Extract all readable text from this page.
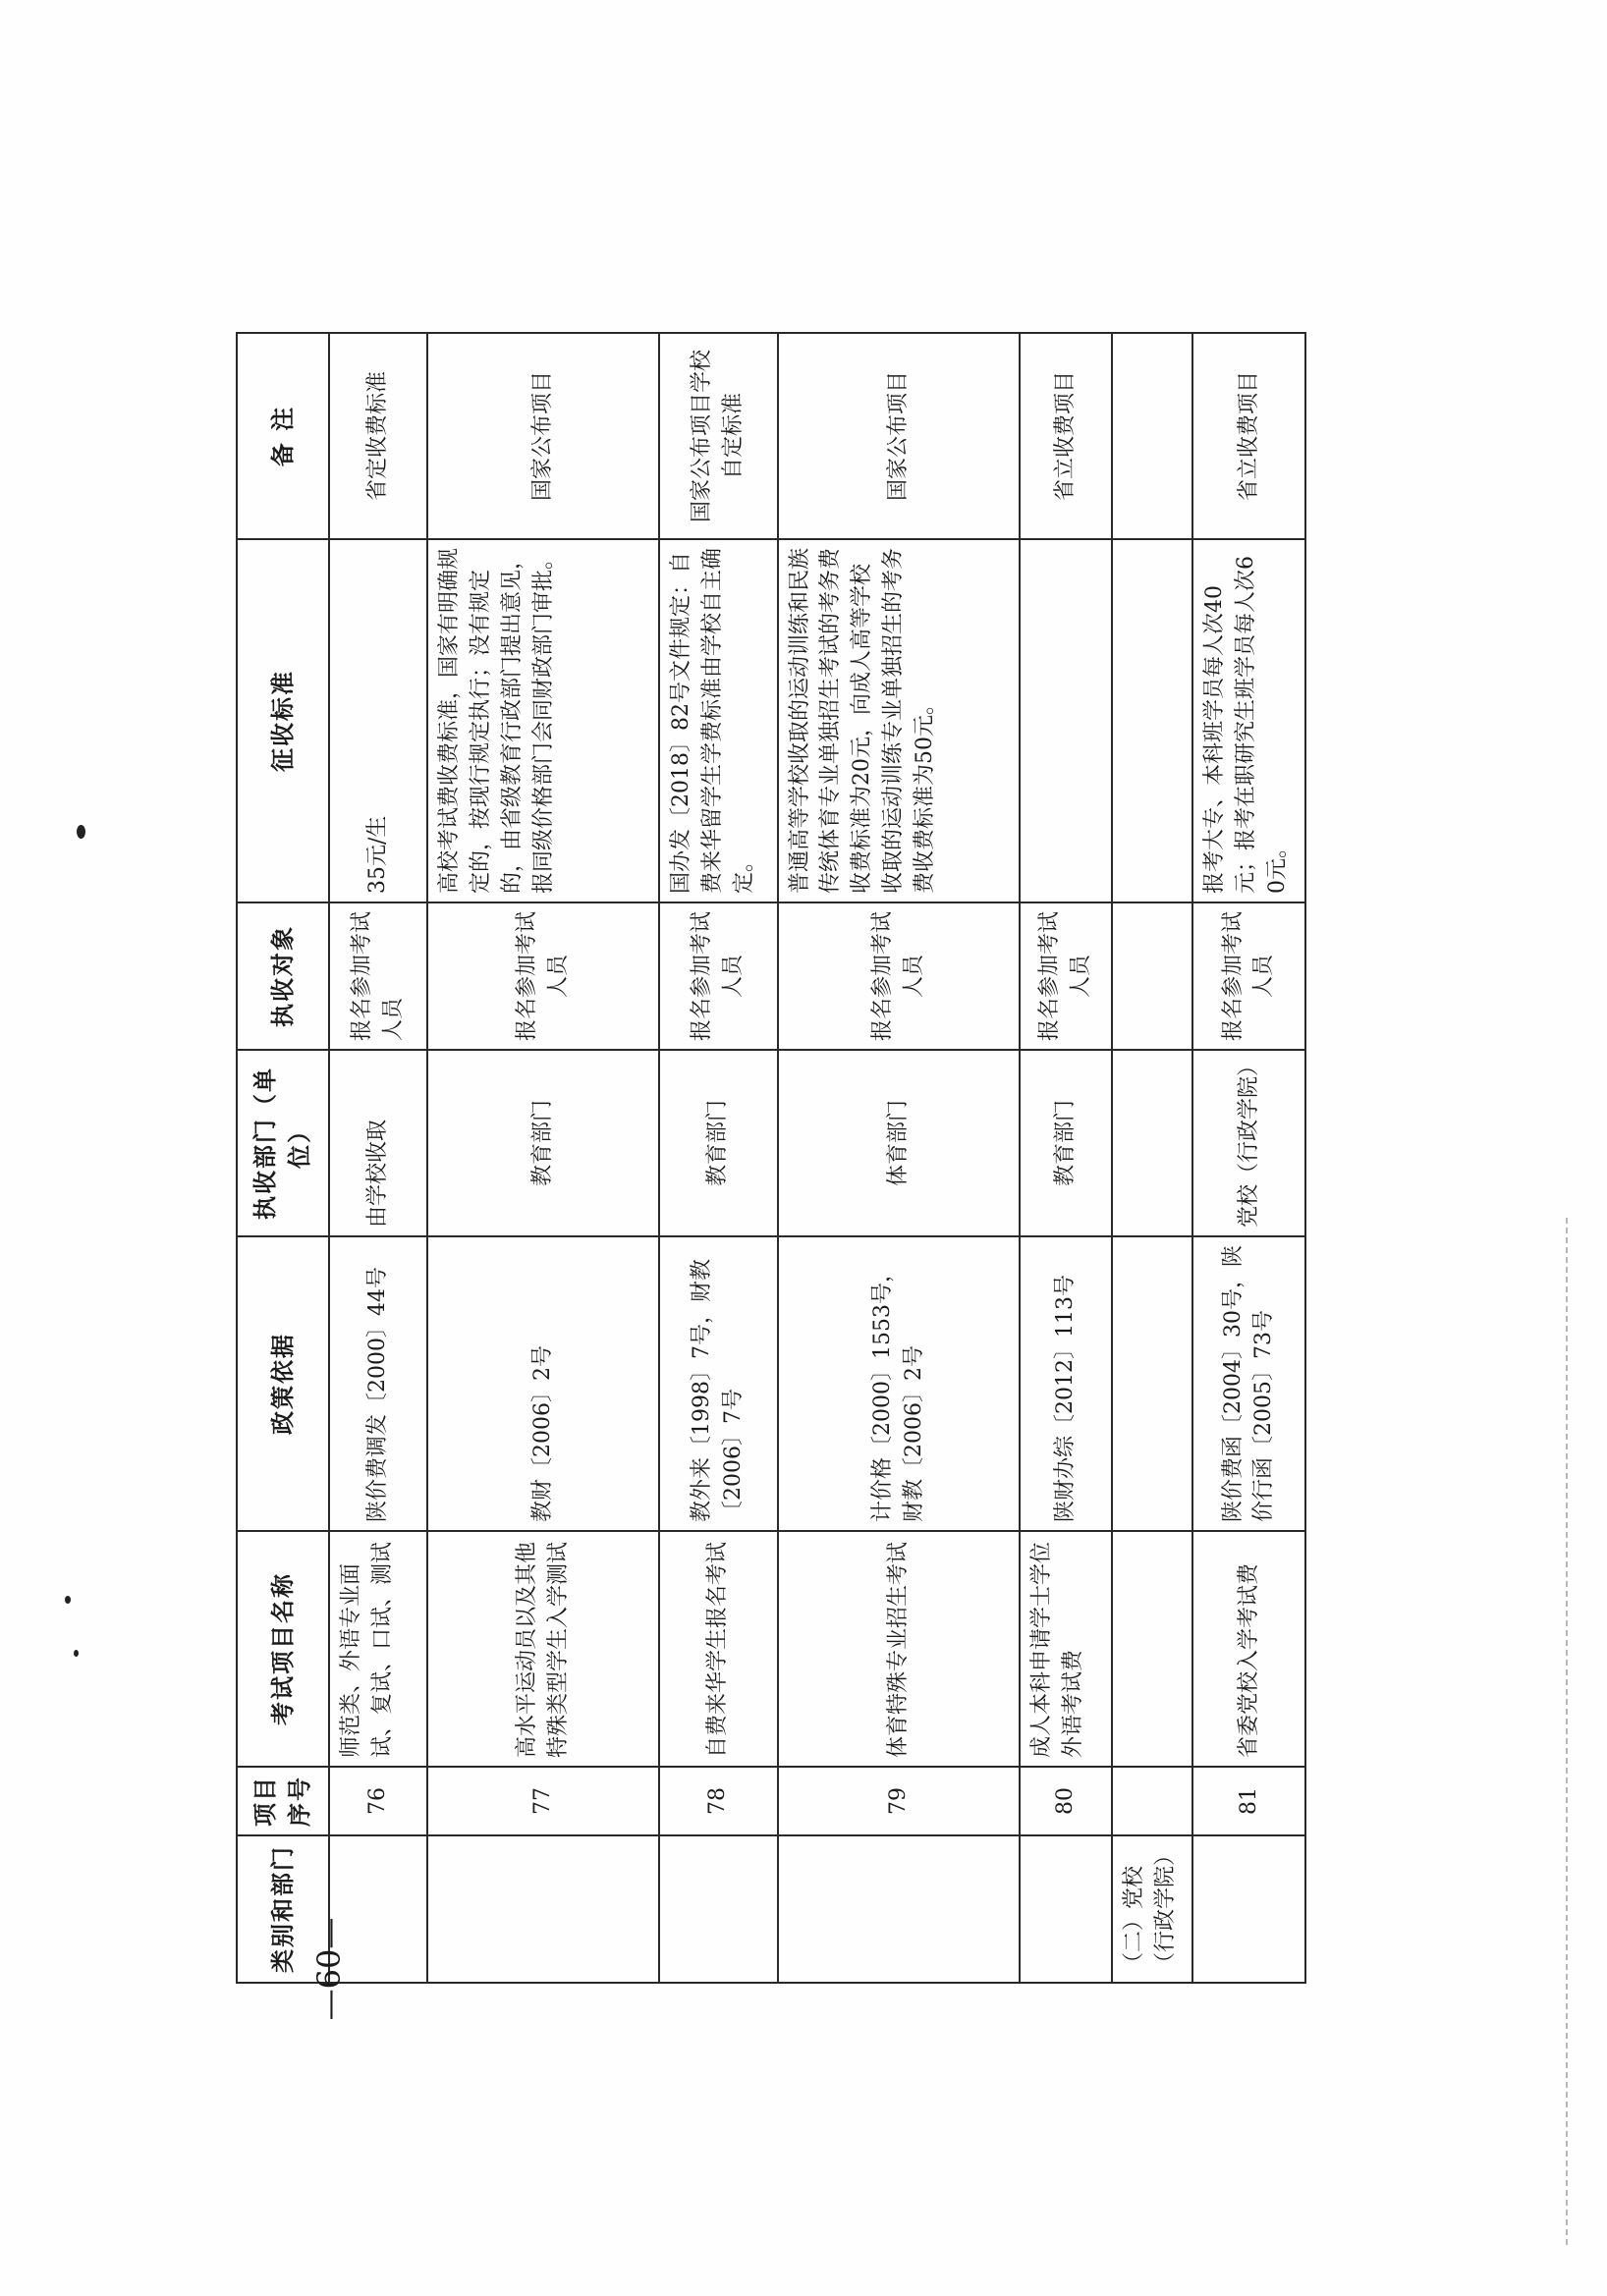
类别和部门	项目序号	考试项目名称	政策依据	执收部门（单位）	执收对象	征收标准	备 注
	76	师范类、外语专业面试、复试、口试、测试	陕价费调发〔2000〕44号	由学校收取	报名参加考试人员	35元/生	省定收费标准
	77	高水平运动员以及其他特殊类型学生入学测试	教财〔2006〕2号	教育部门	报名参加考试人员	高校考试费收费标准，国家有明确规定的，按现行规定执行；没有规定的，由省级教育行政部门提出意见，报同级价格部门会同财政部门审批。	国家公布项目
	78	自费来华学生报名考试	教外来〔1998〕7号，财教〔2006〕7号	教育部门	报名参加考试人员	国办发〔2018〕82号文件规定：自费来华留学生学费标准由学校自主确定。	国家公布项目学校自定标准
	79	体育特殊专业招生考试	计价格〔2000〕1553号，财教〔2006〕2号	体育部门	报名参加考试人员	普通高等学校收取的运动训练和民族传统体育专业单独招生考试的考务费收费标准为20元，向成人高等学校收取的运动训练专业单独招生的考务费收费标准为50元。	国家公布项目
	80	成人本科申请学士学位外语考试费	陕财办综〔2012〕113号	教育部门	报名参加考试人员		省立收费项目
（二）党校（行政学院）							
	81	省委党校入学考试费	陕价费函〔2004〕30号，陕价行函〔2005〕73号	党校（行政学院）	报名参加考试人员	报考大专、本科班学员每人次40元；报考在职研究生班学员每人次60元。	省立收费项目
—60—
